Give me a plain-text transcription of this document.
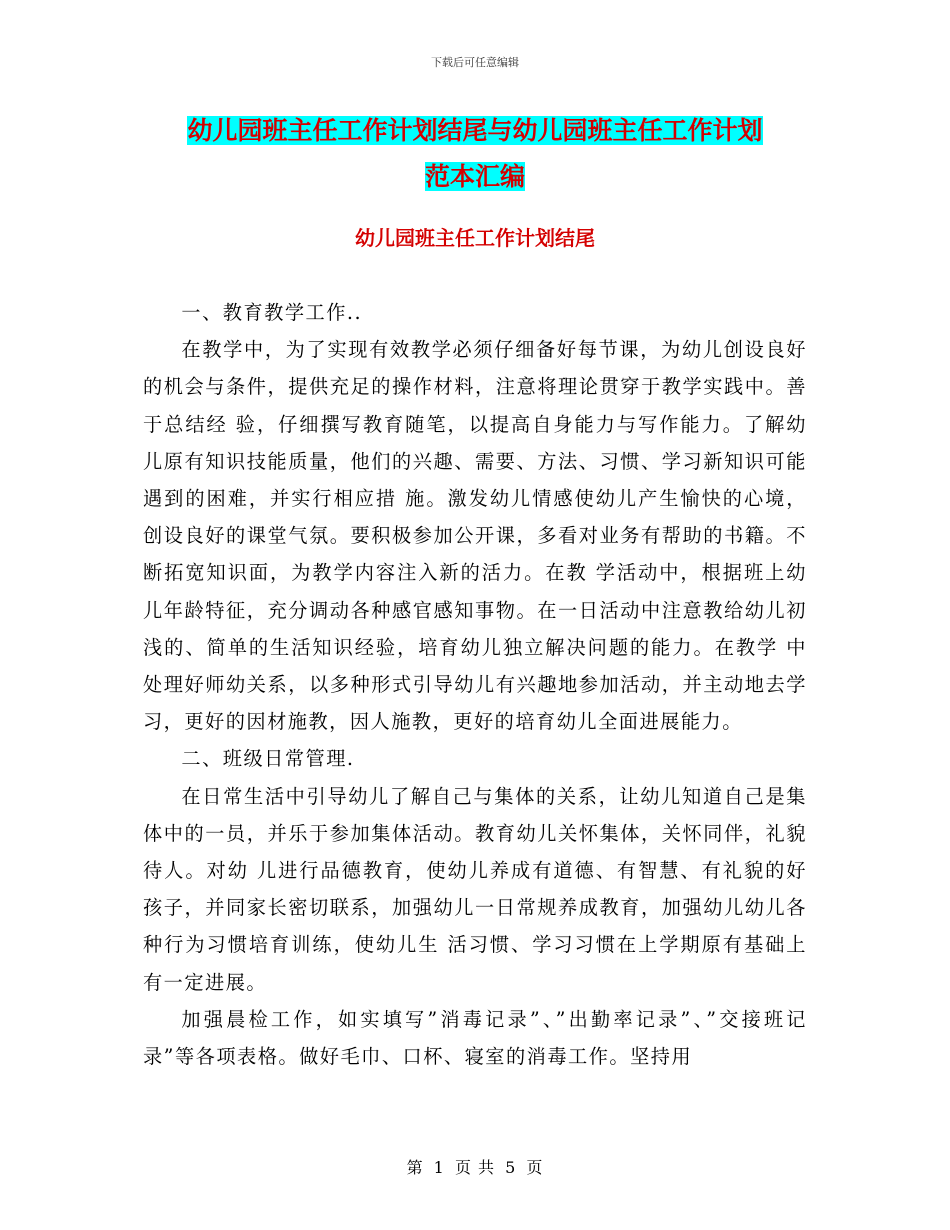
下载后可任意编辑
幼儿园班主任工作计划结尾与幼儿园班主任工作计划
范本汇编
幼儿园班主任工作计划结尾

一、教育教学工作..

在教学中，为了实现有效教学必须仔细备好每节课，为幼儿创设良好的机会与条件，提供充足的操作材料，注意将理论贯穿于教学实践中。善于总结经 验，仔细撰写教育随笔，以提高自身能力与写作能力。了解幼儿原有知识技能质量，他们的兴趣、需要、方法、习惯、学习新知识可能遇到的困难，并实行相应措 施。激发幼儿情感使幼儿产生愉快的心境，创设良好的课堂气氛。要积极参加公开课，多看对业务有帮助的书籍。不断拓宽知识面，为教学内容注入新的活力。在教 学活动中，根据班上幼儿年龄特征，充分调动各种感官感知事物。在一日活动中注意教给幼儿初浅的、简单的生活知识经验，培育幼儿独立解决问题的能力。在教学 中处理好师幼关系，以多种形式引导幼儿有兴趣地参加活动，并主动地去学习，更好的因材施教，因人施教，更好的培育幼儿全面进展能力。

二、班级日常管理.

在日常生活中引导幼儿了解自己与集体的关系，让幼儿知道自己是集体中的一员，并乐于参加集体活动。教育幼儿关怀集体，关怀同伴，礼貌待人。对幼 儿进行品德教育，使幼儿养成有道德、有智慧、有礼貌的好孩子，并同家长密切联系，加强幼儿一日常规养成教育，加强幼儿幼儿各种行为习惯培育训练，使幼儿生 活习惯、学习习惯在上学期原有基础上有一定进展。

加强晨检工作，如实填写”消毒记录”、”出勤率记录”、”交接班记录”等各项表格。做好毛巾、口杯、寝室的消毒工作。坚持用

第 1 页 共 5 页
